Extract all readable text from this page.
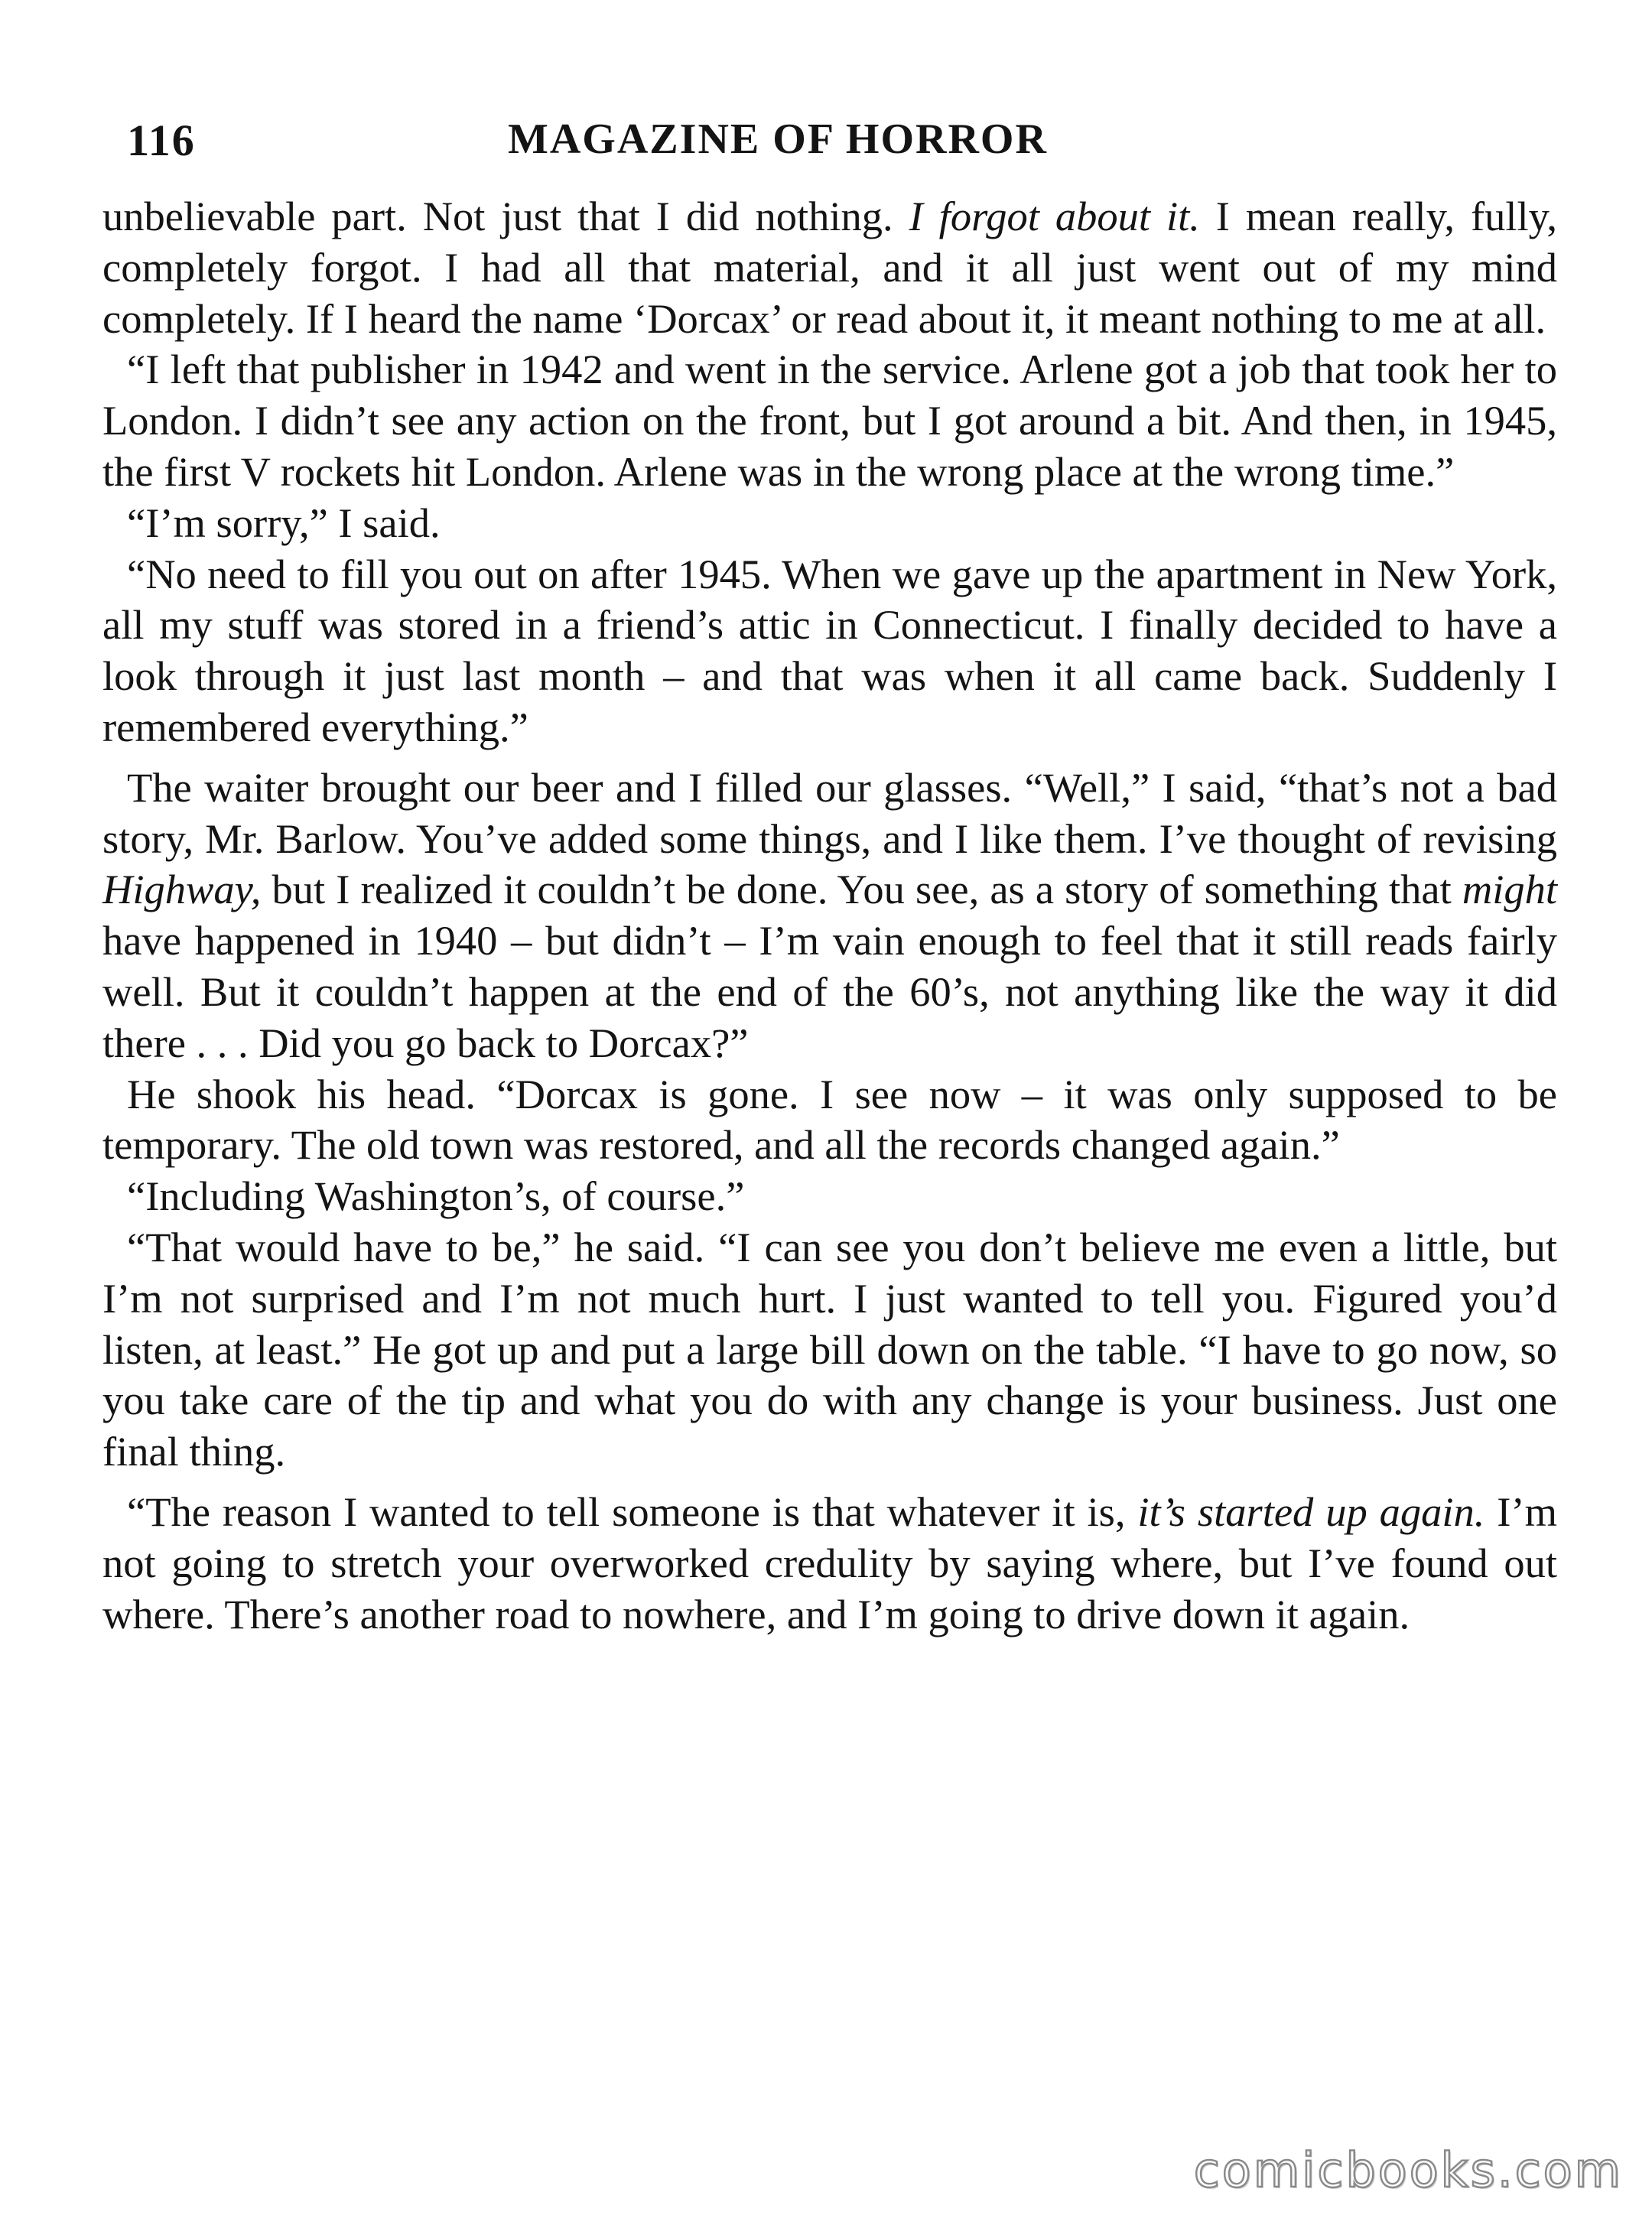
116	MAGAZINE OF HORROR

unbelievable part. Not just that I did nothing. I forgot about it. I mean really, fully, completely forgot. I had all that material, and it all just went out of my mind completely. If I heard the name ‘Dorcax’ or read about it, it meant nothing to me at all.

“I left that publisher in 1942 and went in the service. Arlene got a job that took her to London. I didn’t see any action on the front, but I got around a bit. And then, in 1945, the first V rockets hit London. Arlene was in the wrong place at the wrong time.”

“I’m sorry,” I said.

“No need to fill you out on after 1945. When we gave up the apartment in New York, all my stuff was stored in a friend’s attic in Connecticut. I finally decided to have a look through it just last month – and that was when it all came back. Suddenly I remembered everything.”

The waiter brought our beer and I filled our glasses. “Well,” I said, “that’s not a bad story, Mr. Barlow. You’ve added some things, and I like them. I’ve thought of revising Highway, but I realized it couldn’t be done. You see, as a story of something that might have happened in 1940 – but didn’t – I’m vain enough to feel that it still reads fairly well. But it couldn’t happen at the end of the 60’s, not anything like the way it did there . . . Did you go back to Dorcax?”

He shook his head. “Dorcax is gone. I see now – it was only supposed to be temporary. The old town was restored, and all the records changed again.”

“Including Washington’s, of course.”

“That would have to be,” he said. “I can see you don’t believe me even a little, but I’m not surprised and I’m not much hurt. I just wanted to tell you. Figured you’d listen, at least.” He got up and put a large bill down on the table. “I have to go now, so you take care of the tip and what you do with any change is your business. Just one final thing.

“The reason I wanted to tell someone is that whatever it is, it’s started up again. I’m not going to stretch your overworked credulity by saying where, but I’ve found out where. There’s another road to nowhere, and I’m going to drive down it again.

comicbooks.com
